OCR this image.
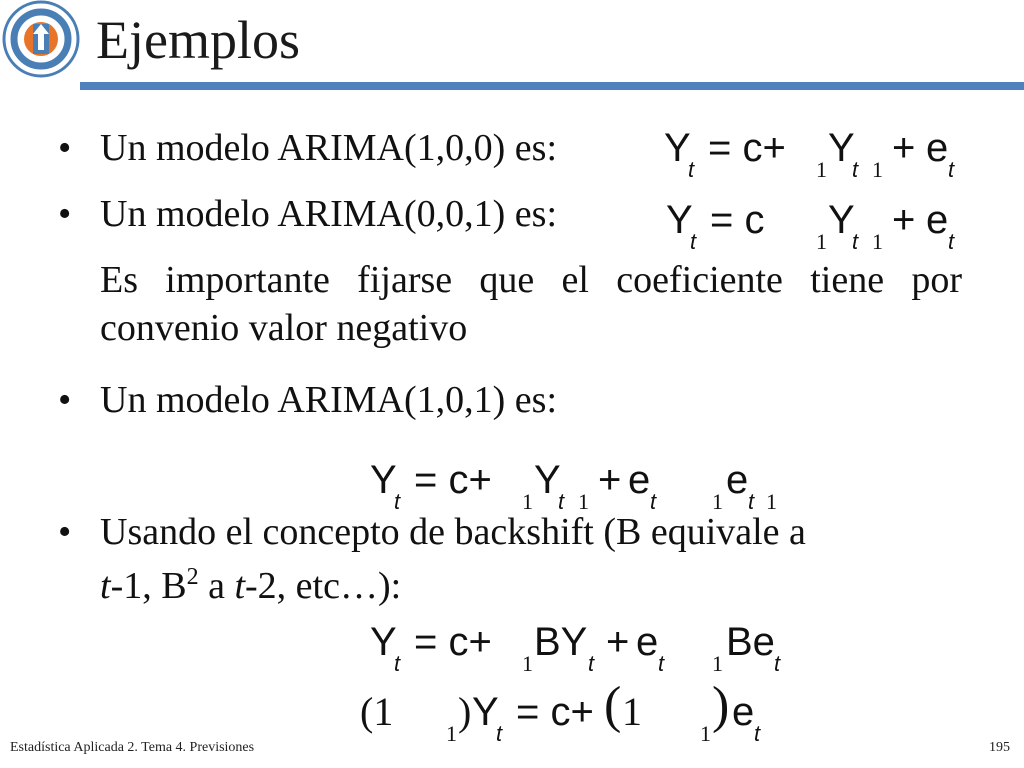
Ejemplos
• Un modelo ARIMA(1,0,0) es:	Y
t = c+ 1 Y
t 1 + e t
• Un modelo ARIMA(0,0,1) es:	Y
t = c 1 Y
t 1 + e t
Es importante fijarse que el coeficiente tiene por convenio valor negativo
• Un modelo ARIMA(1,0,1) es:
Y
t = c+ 1 Y
t 1 + e t	1 e t 1
• Usando el concepto de backshift (B equivale a
t-1, $B^2$ a t-2, etc…):
Y
t = c+ 1 BY t + e t 1 Be t
(1 1 ) Y
t = c+ ( 1	1 ) e t
Estadística Aplicada 2. Tema 4. Previsiones	195
